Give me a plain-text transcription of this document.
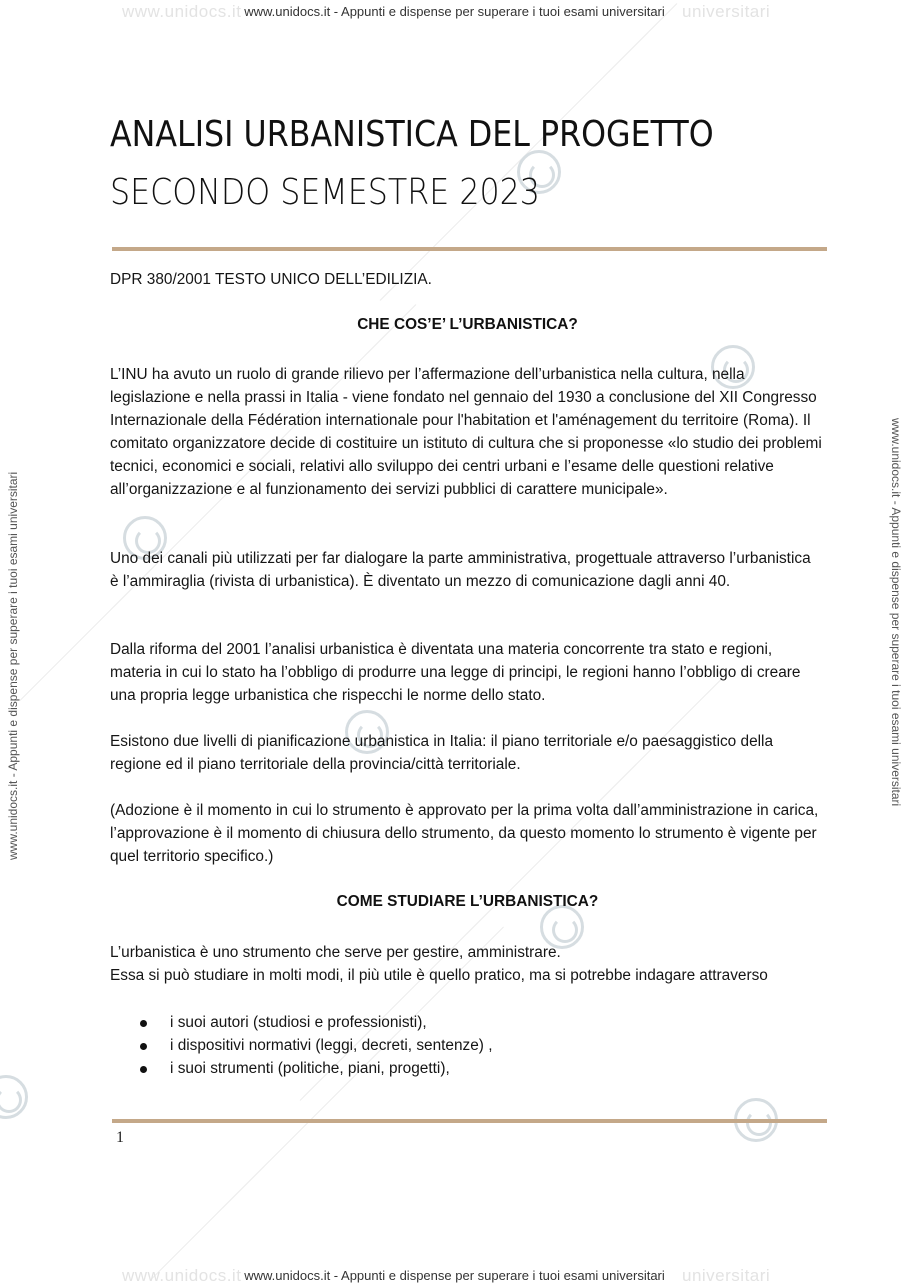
www.unidocs.it	universitari
www.unidocs.it	universitari
www.unidocs.it - Appunti e dispense per superare i tuoi esami universitari
www.unidocs.it - Appunti e dispense per superare i tuoi esami universitari
www.unidocs.it - Appunti e dispense per superare i tuoi esami universitari	www.unidocs.it - Appunti e dispense per superare i tuoi esami universitari
ANALISI URBANISTICA DEL PROGETTO
SECONDO SEMESTRE 2023
DPR 380/2001 TESTO UNICO DELL’EDILIZIA.
CHE COS’E’ L’URBANISTICA?

L’INU ha avuto un ruolo di grande rilievo per l’affermazione dell’urbanistica nella cultura, nella legislazione e nella prassi in Italia - viene fondato nel gennaio del 1930 a conclusione del XII Congresso Internazionale della Fédération internationale pour l'habitation et l'aménagement du territoire (Roma). Il comitato organizzatore decide di costituire un istituto di cultura che si proponesse «lo studio dei problemi tecnici, economici e sociali, relativi allo sviluppo dei centri urbani e l’esame delle questioni relative all’organizzazione e al funzionamento dei servizi pubblici di carattere municipale».

Uno dei canali più utilizzati per far dialogare la parte amministrativa, progettuale attraverso l’urbanistica è l’ammiraglia (rivista di urbanistica). È diventato un mezzo di comunicazione dagli anni 40.

Dalla riforma del 2001 l’analisi urbanistica è diventata una materia concorrente tra stato e regioni, materia in cui lo stato ha l’obbligo di produrre una legge di principi, le regioni hanno l’obbligo di creare una propria legge urbanistica che rispecchi le norme dello stato.

Esistono due livelli di pianificazione urbanistica in Italia: il piano territoriale e/o paesaggistico della regione ed il piano territoriale della provincia/città territoriale.

(Adozione è il momento in cui lo strumento è approvato per la prima volta dall’amministrazione in carica, l’approvazione è il momento di chiusura dello strumento, da questo momento lo strumento è vigente per quel territorio specifico.)

COME STUDIARE L’URBANISTICA?

L’urbanistica è uno strumento che serve per gestire, amministrare.

Essa si può studiare in molti modi, il più utile è quello pratico, ma si potrebbe indagare attraverso

i suoi autori (studiosi e professionisti),
i dispositivi normativi (leggi, decreti, sentenze) ,
i suoi strumenti (politiche, piani, progetti),
1
